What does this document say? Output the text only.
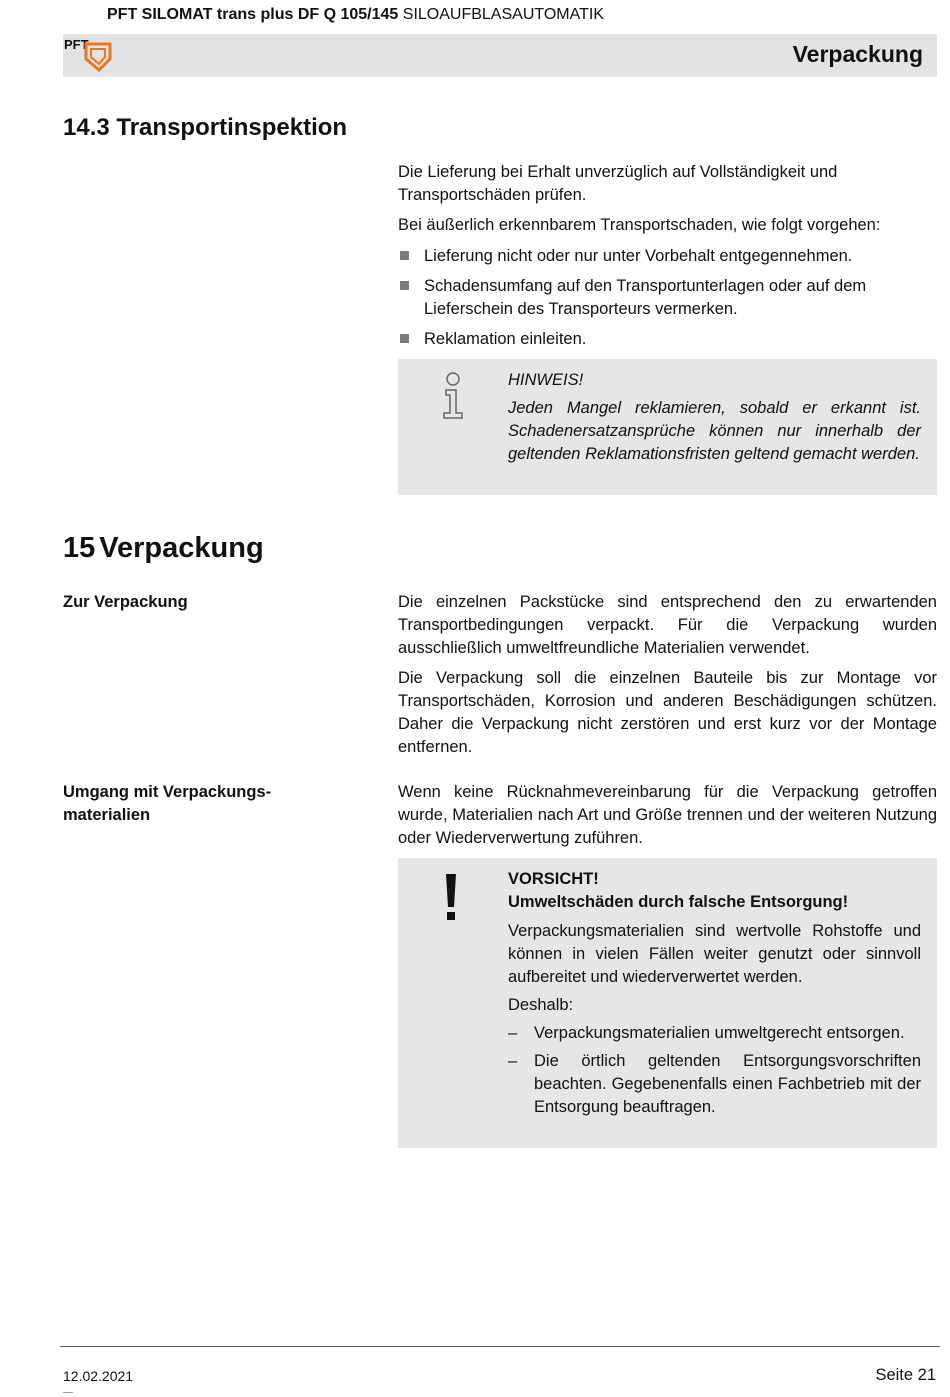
PFT SILOMAT trans plus DF Q 105/145 SILOAUFBLASAUTOMATIK
PFT	Verpackung
14.3 Transportinspektion
Die Lieferung bei Erhalt unverzüglich auf Vollständigkeit und Transportschäden prüfen.
Bei äußerlich erkennbarem Transportschaden, wie folgt vorgehen:
Lieferung nicht oder nur unter Vorbehalt entgegennehmen.
Schadensumfang auf den Transportunterlagen oder auf dem Lieferschein des Transporteurs vermerken.
Reklamation einleiten.
HINWEIS!
Jeden Mangel reklamieren, sobald er erkannt ist. Schadenersatzansprüche können nur innerhalb der geltenden Reklamationsfristen geltend gemacht werden.
15 Verpackung
Zur Verpackung	Die einzelnen Packstücke sind entsprechend den zu erwartenden Transportbedingungen verpackt. Für die Verpackung wurden ausschließlich umweltfreundliche Materialien verwendet.
Die Verpackung soll die einzelnen Bauteile bis zur Montage vor Transportschäden, Korrosion und anderen Beschädigungen schützen. Daher die Verpackung nicht zerstören und erst kurz vor der Montage entfernen.
Umgang mit Verpackungs-
materialien
Wenn keine Rücknahmevereinbarung für die Verpackung getroffen wurde, Materialien nach Art und Größe trennen und der weiteren Nutzung oder Wiederverwertung zuführen.
VORSICHT!
Umweltschäden durch falsche Entsorgung!
Verpackungsmaterialien sind wertvolle Rohstoffe und können in vielen Fällen weiter genutzt oder sinnvoll aufbereitet und wiederverwertet werden.
Deshalb:
– Verpackungsmaterialien umweltgerecht entsorgen.
– Die örtlich geltenden Entsorgungsvorschriften beachten. Gegebenenfalls einen Fachbetrieb mit der Entsorgung beauftragen.
12.02.2021	Seite 21
